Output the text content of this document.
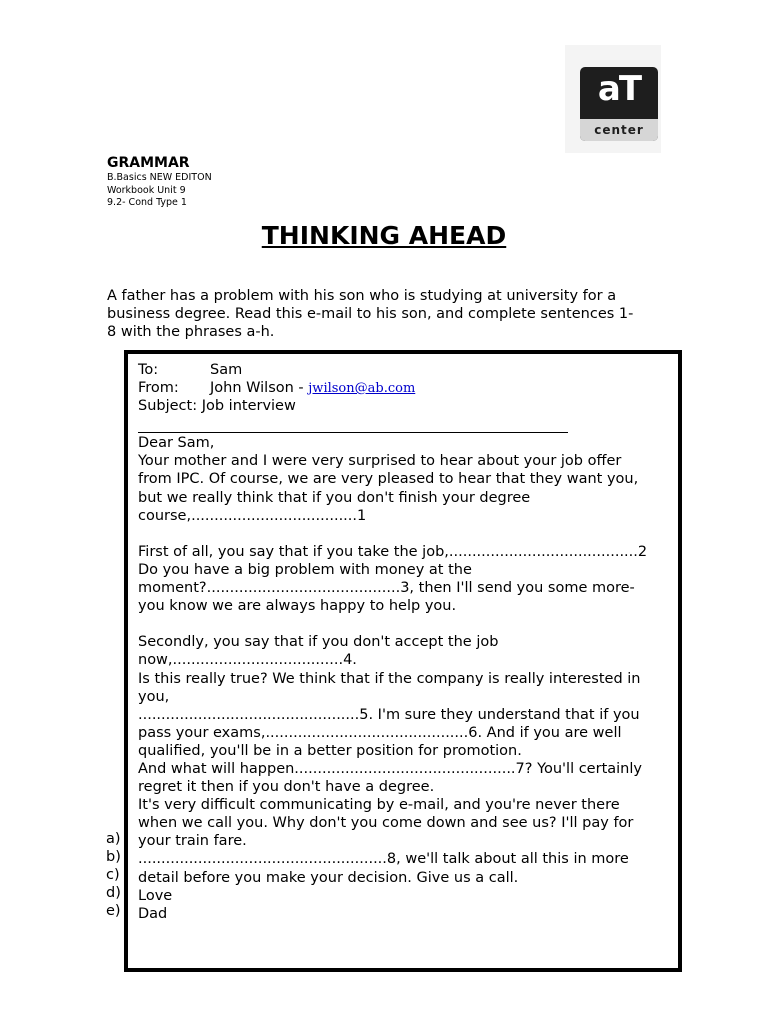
aT
center
GRAMMAR
B.Basics NEW EDITON
Workbook Unit 9
9.2- Cond Type 1
THINKING AHEAD
A father has a problem with his son who is studying at university for a
business degree. Read this e-mail to his son, and complete sentences 1-
8 with the phrases a-h.
To:	Sam
From: John Wilson - jwilson@ab.com
Subject: Job interview
Dear Sam,
Your mother and I were very surprised to hear about your job offer
from IPC. Of course, we are very pleased to hear that they want you,
but we really think that if you don't finish your degree
course,....................................1
First of all, you say that if you take the job,.........................................2
Do you have a big problem with money at the
moment?..........................................3, then I'll send you some more-
you know we are always happy to help you.
Secondly, you say that if you don't accept the job
now,.....................................4.
Is this really true? We think that if the company is really interested in
you,
................................................5. I'm sure they understand that if you
pass your exams,............................................6. And if you are well
qualified, you'll be in a better position for promotion.
And what will happen................................................7? You'll certainly
regret it then if you don't have a degree.
It's very difficult communicating by e-mail, and you're never there
when we call you. Why don't you come down and see us? I'll pay for
your train fare.
......................................................8, we'll talk about all this in more
detail before you make your decision. Give us a call.
Love
Dad
a)
b)
c)
d)
e)
